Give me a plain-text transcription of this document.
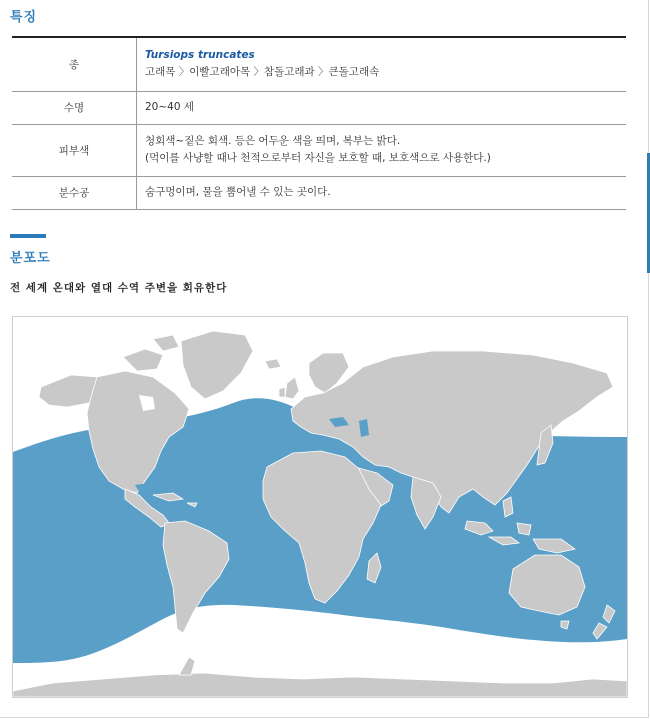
특징
종	Tursiops truncates
고래목 〉이빨고래아목 〉참돌고래과 〉큰돌고래속

수명	20~40 세
피부색	청회색~짙은 회색. 등은 어두운 색을 띄며, 복부는 밝다.
(먹이를 사냥할 때나 천적으로부터 자신을 보호할 때, 보호색으로 사용한다.)

분수공	숨구멍이며, 물을 뿜어낼 수 있는 곳이다.
분포도
전 세계 온대와 열대 수역 주변을 회유한다
